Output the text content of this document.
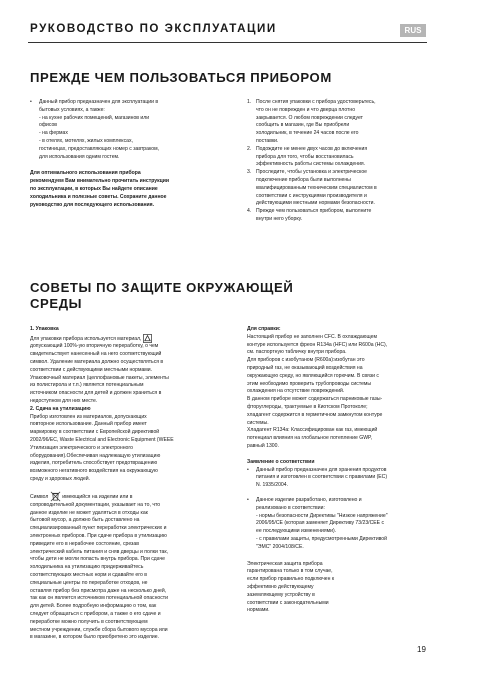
РУКОВОДСТВО ПО ЭКСПЛУАТАЦИИ	RUS
ПРЕЖДЕ ЧЕМ ПОЛЬЗОВАТЬСЯ ПРИБОРОМ
• Данный прибор предназначен для эксплуатации в
бытовых условиях, а также:
- на кухне рабочих помещений, магазинов или
офисов
- на фермах
- в отелях, мотелях, жилых комплексах,
гостиницах, предоставляющих номер с завтраком,
для использования одним гостем.
Для оптимального использования прибора
рекомендуем Вам внимательно прочитать инструкции
по эксплуатации, в которых Вы найдете описание
холодильника и полезные советы. Сохраните данное
руководство для последующего использования.
1. После снятия упаковки с прибора удостоверьтесь,
что он не поврежден и что дверца плотно
закрывается. О любом повреждении следует
сообщить в магазин, где Вы приобрели
холодильник, в течение 24 часов после его
поставки.
2. Подождите не менее двух часов до включения
прибора для того, чтобы восстановилась
эффективность работы системы охлаждения.
3. Проследите, чтобы установка и электрическое
подключение прибора были выполнены
квалифицированным техническим специалистом в
соответствии с инструкциями производителя и
действующими местными нормами безопасности.
4. Прежде чем пользоваться прибором, выполните
внутри него уборку.
СОВЕТЫ ПО ЗАЩИТЕ ОКРУЖАЮЩЕЙ
СРЕДЫ
1. Упаковка
Для упаковки прибора используется материал,
допускающий 100%-ую вторичную переработку, о чем
свидетельствует нанесенный на него соответствующий
символ. Удаление материала должно осуществляться в
соответствии с действующими местными нормами.
Упаковочный материал (целлофановые пакеты, элементы
из полистирола и т.п.) является потенциальным
источником опасности для детей и должен храниться в
недоступном для них месте.
2. Сдача на утилизацию
Прибор изготовлен из материалов, допускающих
повторное использование. Данный прибор имеет
маркировку в соответствии с Европейской директивой
2002/96/EC, Waste Electrical and Electronic Equipment (WEEE
Утилизация электрического и электронного
оборудования).Обеспечивая надлежащую утилизацию
изделия, потребитель способствует предотвращению
возможного негативного воздействия на окружающую
среду и здоровых людей.
Символ	имеющийся на изделии или в
сопроводительной документации, указывает на то, что
данное изделие не может удаляться в отходы как
бытовой мусор, а должно быть доставлено на
специализированный пункт переработки электрических и
электронных приборов. При сдаче прибора в утилизацию
приведите его в нерабочее состояние, срезав
электрический кабель питания и сняв дверцы и полки так,
чтобы дети не могли попасть внутрь прибора. При сдаче
холодильника на утилизацию придерживайтесь
соответствующих местных норм и сдавайте его в
специальные центры по переработке отходов, не
оставляя прибор без присмотра даже на несколько дней,
так как он является источником потенциальной опасности
для детей. Более подробную информацию о том, как
следует обращаться с прибором, а также о его сдаче и
переработке можно получить в соответствующем
местном учреждении, службе сбора бытового мусора или
в магазине, в котором было приобретено это изделие.
Для справки:
Настоящий прибор не заполнен CFC. В охлаждающем
контуре используется фреон R134a (HFC) или R600a (HC),
см. паспортную табличку внутри прибора.
Для приборов с изобутаном (R600a):изобутан это
природный газ, не оказывающий воздействия на
окружающую среду, но являющийся горючим. В связи с
этим необходимо проверить трубопроводы системы
охлаждения на отсутствие повреждений.
В данном приборе может содержаться парниковые газы-
фторуглероды, трактуемые в Киотском Протоколе;
хладагент содержится в герметичном замкнутом контуре
системы.
Хладагент R134a: Классифицирован как газ, имеющий
потенциал влияния на глобальное потепление GWP,
равный 1300.
Заявление о соответствии
• Данный прибор предназначен для хранения продуктов
питания и изготовлен в соответствии с правилами (EC)
N. 1935/2004.
• Данное изделие разработано, изготовлено и
реализовано в соответствии:
- нормы безопасности Директивы "Низкое напряжение"
2006/95/CE (которая заменяет Директиву 73/23/CEE с
ее последующими изменениями).
- с правилами защиты, предусмотренными Директивой
"ЭМС" 2004/108/CE.
Электрическая защита прибора
гарантирована только в том случае,
если прибор правильно подключен к
эффективно действующему
заземляющему устройству в
соответствии с законодательными
нормами.
19
